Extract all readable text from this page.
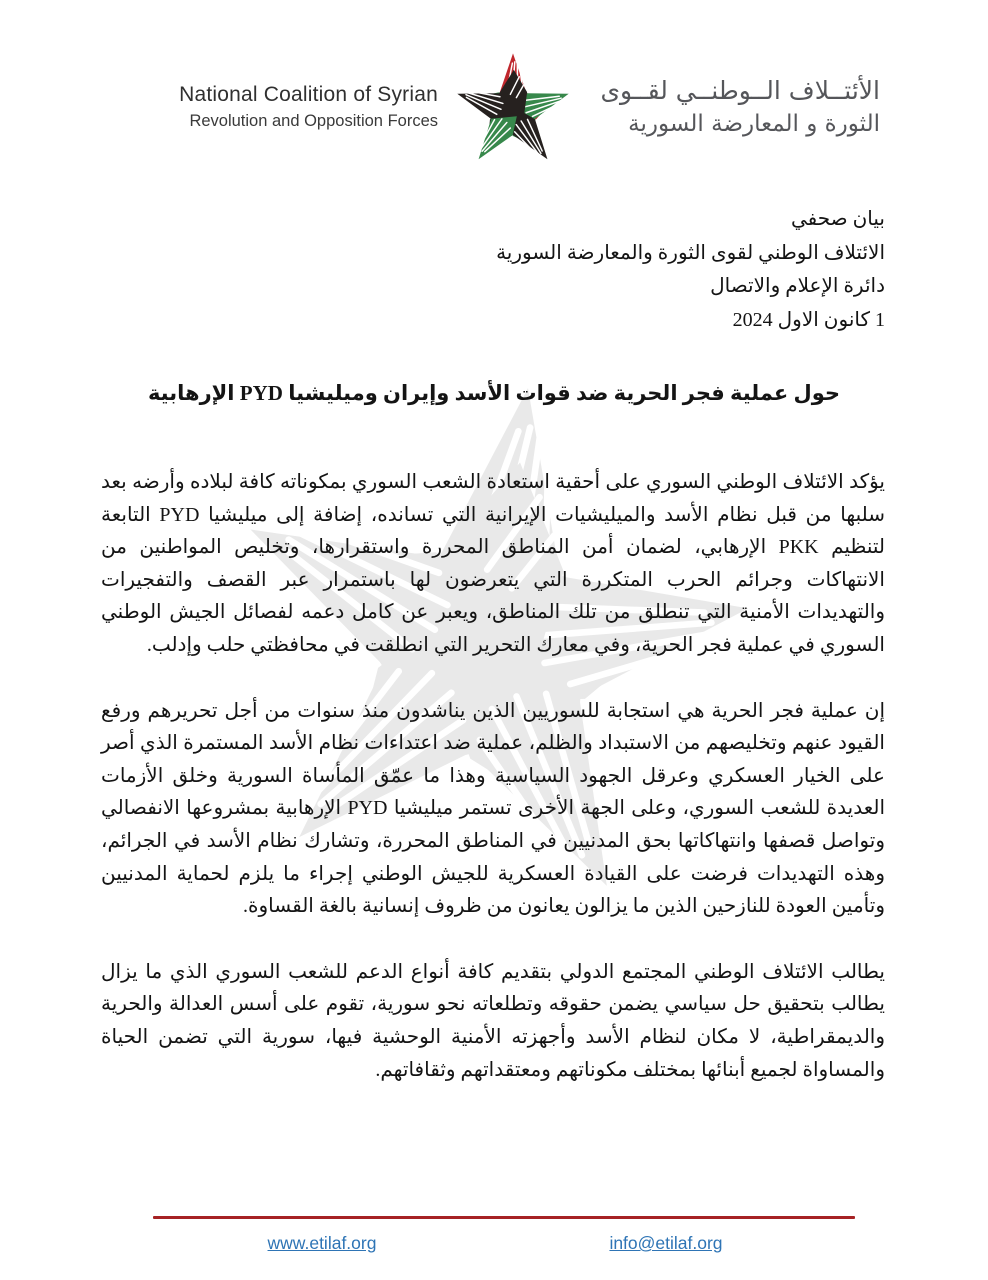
National Coalition of Syrian
Revolution and Opposition Forces
الأئتــلاف الــوطنــي لقــوى
الثورة و المعارضة السورية
بيان صحفي
الائتلاف الوطني لقوى الثورة والمعارضة السورية
دائرة الإعلام والاتصال
1 كانون الاول 2024
حول عملية فجر الحرية ضد قوات الأسد وإيران وميليشيا PYD الإرهابية

يؤكد الائتلاف الوطني السوري على أحقية استعادة الشعب السوري بمكوناته كافة لبلاده وأرضه بعد سلبها من قبل نظام الأسد والميليشيات الإيرانية التي تسانده، إضافة إلى ميليشيا PYD التابعة لتنظيم PKK الإرهابي، لضمان أمن المناطق المحررة واستقرارها، وتخليص المواطنين من الانتهاكات وجرائم الحرب المتكررة التي يتعرضون لها باستمرار عبر القصف والتفجيرات والتهديدات الأمنية التي تنطلق من تلك المناطق، ويعبر عن كامل دعمه لفصائل الجيش الوطني السوري في عملية فجر الحرية، وفي معارك التحرير التي انطلقت في محافظتي حلب وإدلب.

إن عملية فجر الحرية هي استجابة للسوريين الذين يناشدون منذ سنوات من أجل تحريرهم ورفع القيود عنهم وتخليصهم من الاستبداد والظلم، عملية ضد اعتداءات نظام الأسد المستمرة الذي أصر على الخيار العسكري وعرقل الجهود السياسية وهذا ما عمّق المأساة السورية وخلق الأزمات العديدة للشعب السوري، وعلى الجهة الأخرى تستمر ميليشيا PYD الإرهابية بمشروعها الانفصالي وتواصل قصفها وانتهاكاتها بحق المدنيين في المناطق المحررة، وتشارك نظام الأسد في الجرائم، وهذه التهديدات فرضت على القيادة العسكرية للجيش الوطني إجراء ما يلزم لحماية المدنيين وتأمين العودة للنازحين الذين ما يزالون يعانون من ظروف إنسانية بالغة القساوة.

يطالب الائتلاف الوطني المجتمع الدولي بتقديم كافة أنواع الدعم للشعب السوري الذي ما يزال يطالب بتحقيق حل سياسي يضمن حقوقه وتطلعاته نحو سورية، تقوم على أسس العدالة والحرية والديمقراطية، لا مكان لنظام الأسد وأجهزته الأمنية الوحشية فيها، سورية التي تضمن الحياة والمساواة لجميع أبنائها بمختلف مكوناتهم ومعتقداتهم وثقافاتهم.

www.etilaf.org	info@etilaf.org
